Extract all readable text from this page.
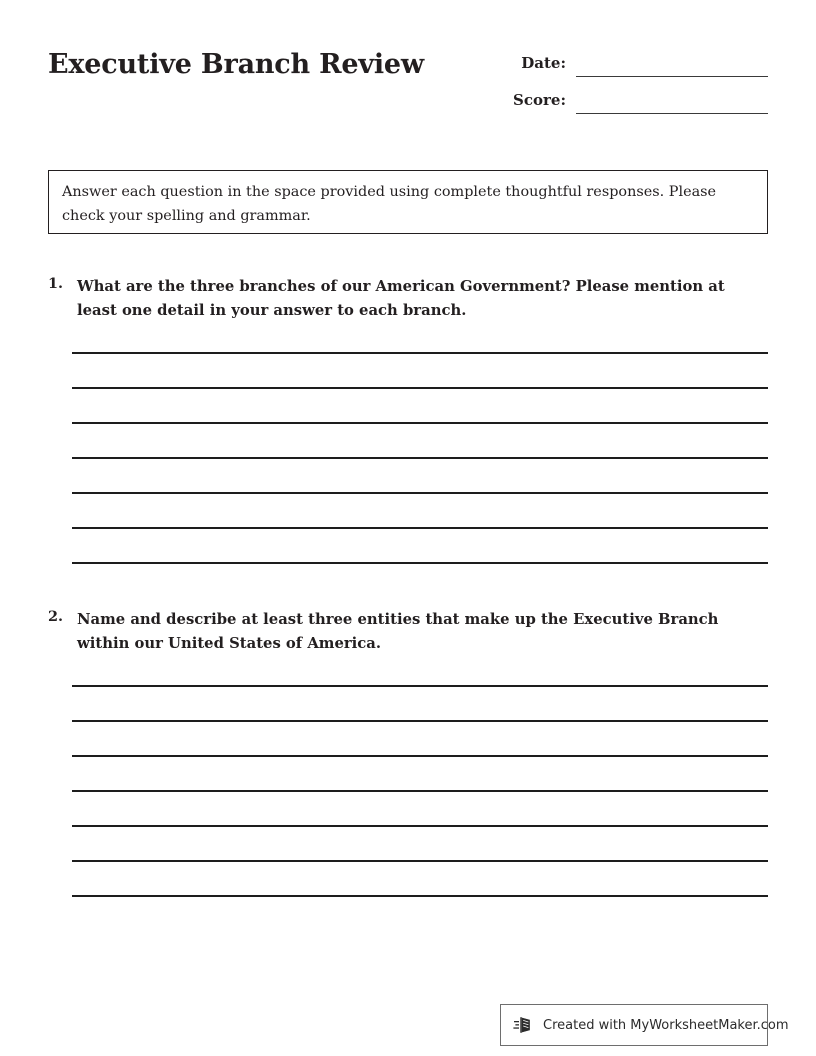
Executive Branch Review	Date:
Score:
Answer each question in the space provided using complete thoughtful responses. Please check your spelling and grammar.
1. What are the three branches of our American Government? Please mention at least one detail in your answer to each branch.
2. Name and describe at least three entities that make up the Executive Branch within our United States of America.
Created with MyWorksheetMaker.com
